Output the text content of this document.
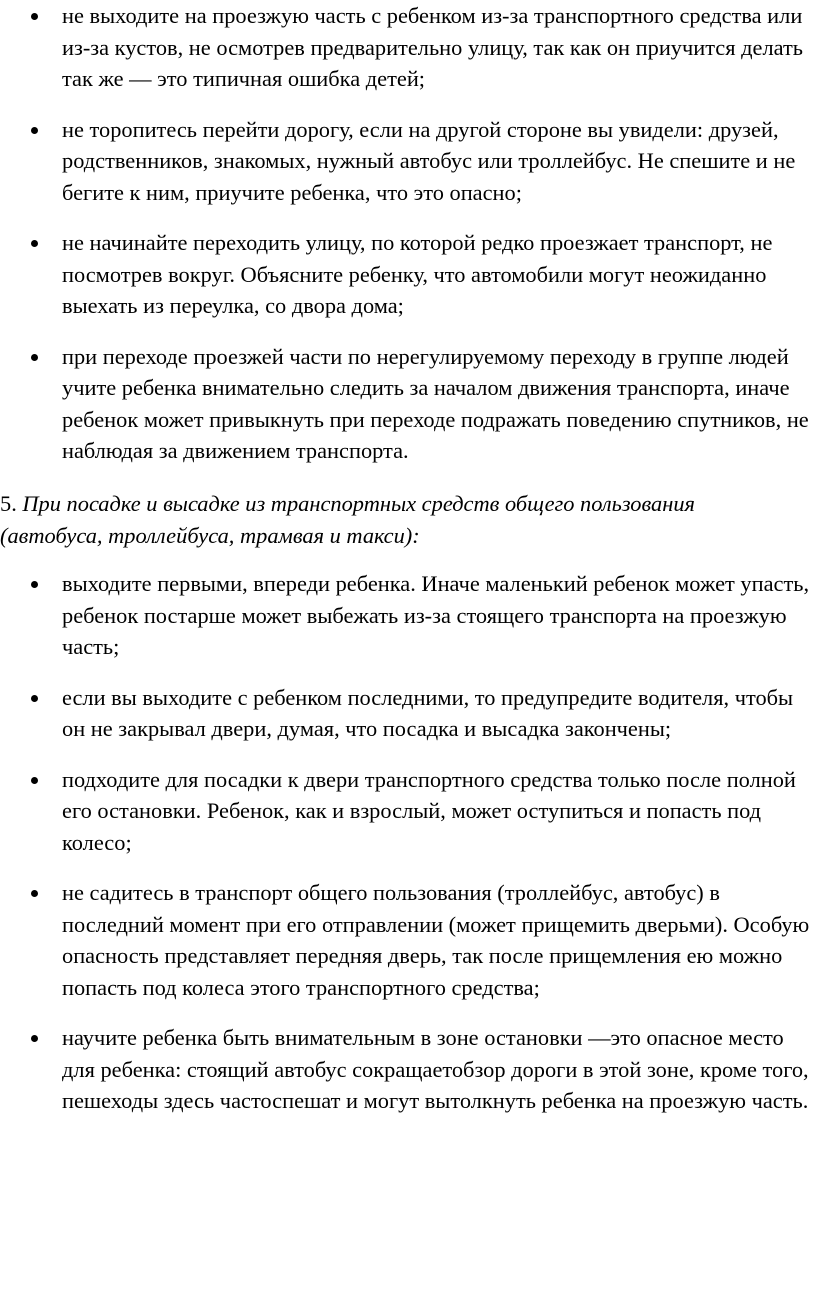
не выходите на проезжую часть с ребенком из-за транспортного средства или из-за кустов, не осмотрев предварительно улицу, так как он приучится делать так же — это типичная ошибка детей;
не торопитесь перейти дорогу, если на другой стороне вы увидели: друзей, родственников, знакомых, нужный автобус или троллейбус. Не спешите и не бегите к ним, приучите ребенка, что это опасно;
не начинайте переходить улицу, по которой редко проезжает транспорт, не посмотрев вокруг. Объясните ребенку, что автомобили могут неожиданно выехать из переулка, со двора дома;
при переходе проезжей части по нерегулируемому переходу в группе людей учите ребенка внимательно следить за началом движения транспорта, иначе ребенок может привыкнуть при переходе подражать поведению спутников, не наблюдая за движением транспорта.
5. При посадке и высадке из транспортных средств общего пользования (автобуса, троллейбуса, трамвая и такси):
выходите первыми, впереди ребенка. Иначе маленький ребенок может упасть, ребенок постарше может выбежать из-за стоящего транспорта на проезжую часть;
если вы выходите с ребенком последними, то предупредите водителя, чтобы он не закрывал двери, думая, что посадка и высадка закончены;
подходите для посадки к двери транспортного средства только после полной его остановки. Ребенок, как и взрослый, может оступиться и попасть под колесо;
не садитесь в транспорт общего пользования (троллейбус, автобус) в последний момент при его отправлении (может прищемить дверьми). Особую опасность представляет передняя дверь, так после прищемления ею можно попасть под колеса этого транспортного средства;
научите ребенка быть внимательным в зоне остановки —это опасное место для ребенка: стоящий автобус сокращаетобзор дороги в этой зоне, кроме того, пешеходы здесь частоспешат и могут вытолкнуть ребенка на проезжую часть.
